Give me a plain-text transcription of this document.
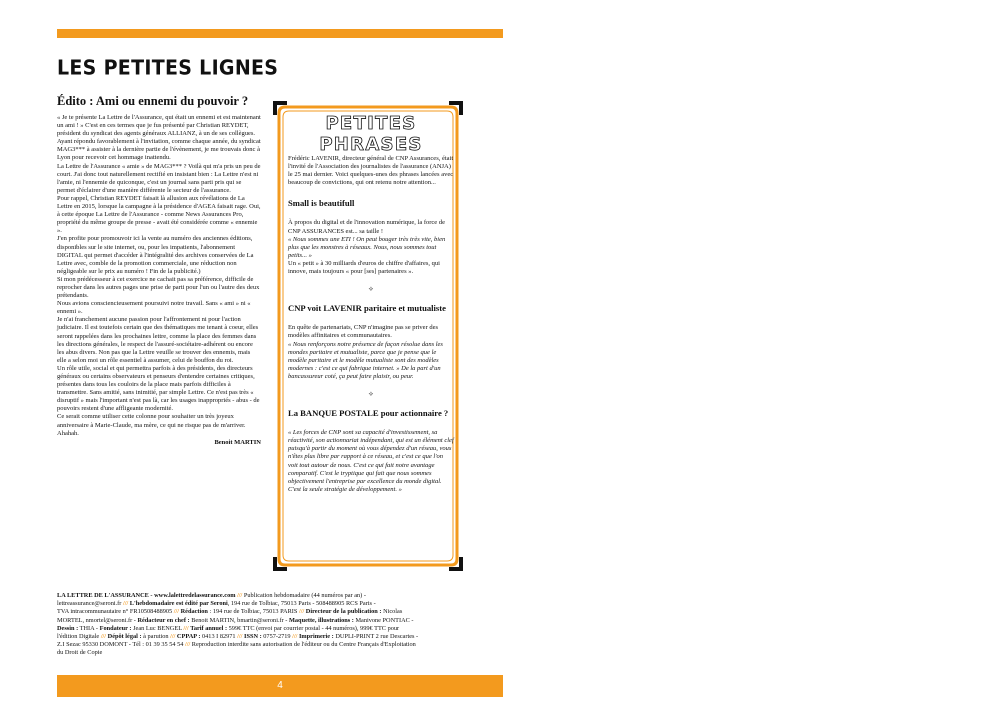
LES PETITES LIGNES
Édito : Ami ou ennemi du pouvoir ?

« Je te présente La Lettre de l'Assurance, qui était un ennemi et est maintenant un ami ! » C'est en ces termes que je fus présenté par Christian REYDET, président du syndicat des agents généraux ALLIANZ, à un de ses collègues.

Ayant répondu favorablement à l'invitation, comme chaque année, du syndicat MAG3*** à assister à la dernière partie de l'évènement, je me trouvais donc à Lyon pour recevoir cet hommage inattendu.

La Lettre de l'Assurance « amie » de MAG3*** ? Voilà qui m'a pris un peu de court. J'ai donc tout naturellement rectifié en insistant bien : La Lettre n'est ni l'amie, ni l'ennemie de quiconque, c'est un journal sans parti pris qui se permet d'éclairer d'une manière différente le secteur de l'assurance.

Pour rappel, Christian REYDET faisait là allusion aux révélations de La Lettre en 2015, lorsque la campagne à la présidence d'AGEA faisait rage. Oui, à cette époque La Lettre de l'Assurance - comme News Assurances Pro, propriété du même groupe de presse - avait été considérée comme « ennemie ».

J'en profite pour promouvoir ici la vente au numéro des anciennes éditions, disponibles sur le site internet, ou, pour les impatients, l'abonnement DIGITAL qui permet d'accéder à l'intégralité des archives conservées de La Lettre avec, comble de la promotion commerciale, une réduction non négligeable sur le prix au numéro ! Fin de la publicité.)

Si mon prédécesseur à cet exercice ne cachait pas sa préférence, difficile de reprocher dans les autres pages une prise de parti pour l'un ou l'autre des deux prétendants.

Nous avions consciencieusement poursuivi notre travail. Sans « ami » ni « ennemi ».

Je n'ai franchement aucune passion pour l'affrontement ni pour l'action judiciaire. Il est toutefois certain que des thématiques me tenant à coeur, elles seront rappelées dans les prochaines lettre, comme la place des femmes dans les directions générales, le respect de l'assuré-sociétaire-adhérent ou encore les abus divers. Non pas que la Lettre veuille se trouver des ennemis, mais elle a selon moi un rôle essentiel à assumer, celui de bouffon du roi.

Un rôle utile, social et qui permettra parfois à des présidents, des directeurs généraux ou certains observateurs et penseurs d'entendre certaines critiques, présentes dans tous les couloirs de la place mais parfois difficiles à transmettre. Sans amitié, sans inimitié, par simple Lettre. Ce n'est pas très « disruptif » mais l'important n'est pas là, car les usages inappropriés - abus - de pouvoirs restent d'une affligeante modernité.

Ce serait comme utiliser cette colonne pour souhaiter un très joyeux anniversaire à Marie-Claude, ma mère, ce qui ne risque pas de m'arriver. Ahahah.

Benoit MARTIN

PETITES PHRASES

Frédéric LAVENIR, directeur général de CNP Assurances, était l'invité de l'Association des journalistes de l'assurance (ANJA) le 25 mai dernier. Voici quelques-unes des phrases lancées avec beaucoup de convictions, qui ont retenu notre attention...

Small is beautifull

À propos du digital et de l'innovation numérique, la force de CNP ASSURANCES est... sa taille !

« Nous sommes une ETI ! On peut bouger très très vite, bien plus que les monstres à réseaux. Nous, nous sommes tout petits... »

Un « petit » à 30 milliards d'euros de chiffre d'affaires, qui innove, mais toujours « pour [ses] partenaires ».

⟡

CNP voit LAVENIR paritaire et mutualiste

En quête de partenariats, CNP n'imagine pas se priver des modèles affinitaires et communautaires.

« Nous renforçons notre présence de façon résolue dans les mondes paritaire et mutualiste, parce que je pense que le modèle paritaire et le modèle mutualiste sont des modèles modernes : c'est ce qui fabrique internet. » De la part d'un bancassureur coté, ça peut faire plaisir, ou peur.

⟡

La BANQUE POSTALE pour actionnaire ?

« Les forces de CNP sont sa capacité d'investissement, sa réactivité, son actionnariat indépendant, qui est un élément clef puisqu'à partir du moment où vous dépendez d'un réseau, vous n'êtes plus libre par rapport à ce réseau, et c'est ce que l'on voit tout autour de nous. C'est ce qui fait notre avantage comparatif. C'est le tryptique qui fait que nous sommes objectivement l'entreprise par excellence du monde digital. C'est la seule stratégie de développement. »

LA LETTRE DE L'ASSURANCE - www.lalettredelassurance.com /// Publication hebdomadaire (44 numéros par an) -
lettreassurance@seroni.fr /// L'hebdomadaire est édité par Seroni, 194 rue de Tolbiac, 75013 Paris - 508488905 RCS Paris -
TVA intracommunautaire n° FR10508488905 /// Rédaction : 194 rue de Tolbiac, 75013 PARIS /// Directeur de la publication : Nicolas
MORTEL, nmortel@seroni.fr - Rédacteur en chef : Benoit MARTIN, bmartin@seroni.fr - Maquette, illustrations : Manivone PONTIAC -
Dessin : THIA - Fondateur : Jean Luc BENGEL /// Tarif annuel : 599€ TTC (envoi par courrier postal - 44 numéros), 999€ TTC pour
l'édition Digitale /// Dépôt légal : à parution /// CPPAP : 0413 I 82971 /// ISSN : 0757-2719 /// Imprimerie : DUPLI-PRINT 2 rue Descartes -
Z.I Sezac 95330 DOMONT - Tél : 01 39 35 54 54 /// Reproduction interdite sans autorisation de l'éditeur ou du Centre Français d'Exploitation
du Droit de Copie
4
